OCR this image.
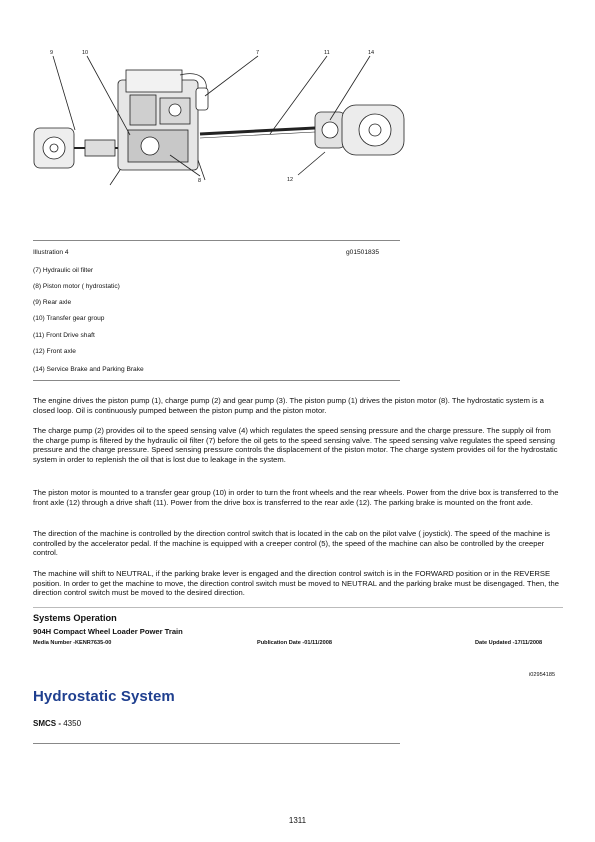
9	10	7	11	14
8	12
Illustration 4	g01501835
(7) Hydraulic oil filter
(8) Piston motor ( hydrostatic)
(9) Rear axle
(10) Transfer gear group
(11) Front Drive shaft
(12) Front axle
(14) Service Brake and Parking Brake

The engine drives the piston pump (1), charge pump (2) and gear pump (3). The piston pump (1) drives the piston motor (8). The hydrostatic system is a closed loop. Oil is continuously pumped between the piston pump and the piston motor.

The charge pump (2) provides oil to the speed sensing valve (4) which regulates the speed sensing pressure and the charge pressure. The supply oil from the charge pump is filtered by the hydraulic oil filter (7) before the oil gets to the speed sensing valve. The speed sensing valve regulates the speed sensing pressure and the charge pressure. Speed sensing pressure controls the displacement of the piston motor. The charge system provides oil for the hydrostatic system in order to replenish the oil that is lost due to leakage in the system.

The piston motor is mounted to a transfer gear group (10) in order to turn the front wheels and the rear wheels. Power from the drive box is transferred to the front axle (12) through a drive shaft (11). Power from the drive box is transferred to the rear axle (12). The parking brake is mounted on the front axle.

The direction of the machine is controlled by the direction control switch that is located in the cab on the pilot valve ( joystick). The speed of the machine is controlled by the accelerator pedal. If the machine is equipped with a creeper control (5), the speed of the machine can also be controlled by the creeper control.

The machine will shift to NEUTRAL, if the parking brake lever is engaged and the direction control switch is in the FORWARD position or in the REVERSE position. In order to get the machine to move, the direction control switch must be moved to NEUTRAL and the parking brake must be disengaged. Then, the direction control switch must be moved to the desired direction.

Systems Operation
904H Compact Wheel Loader Power Train
Media Number -KENR7635-00	Publication Date -01/11/2008	Date Updated -17/11/2008
i02954185
Hydrostatic System
SMCS - 4350
1311
